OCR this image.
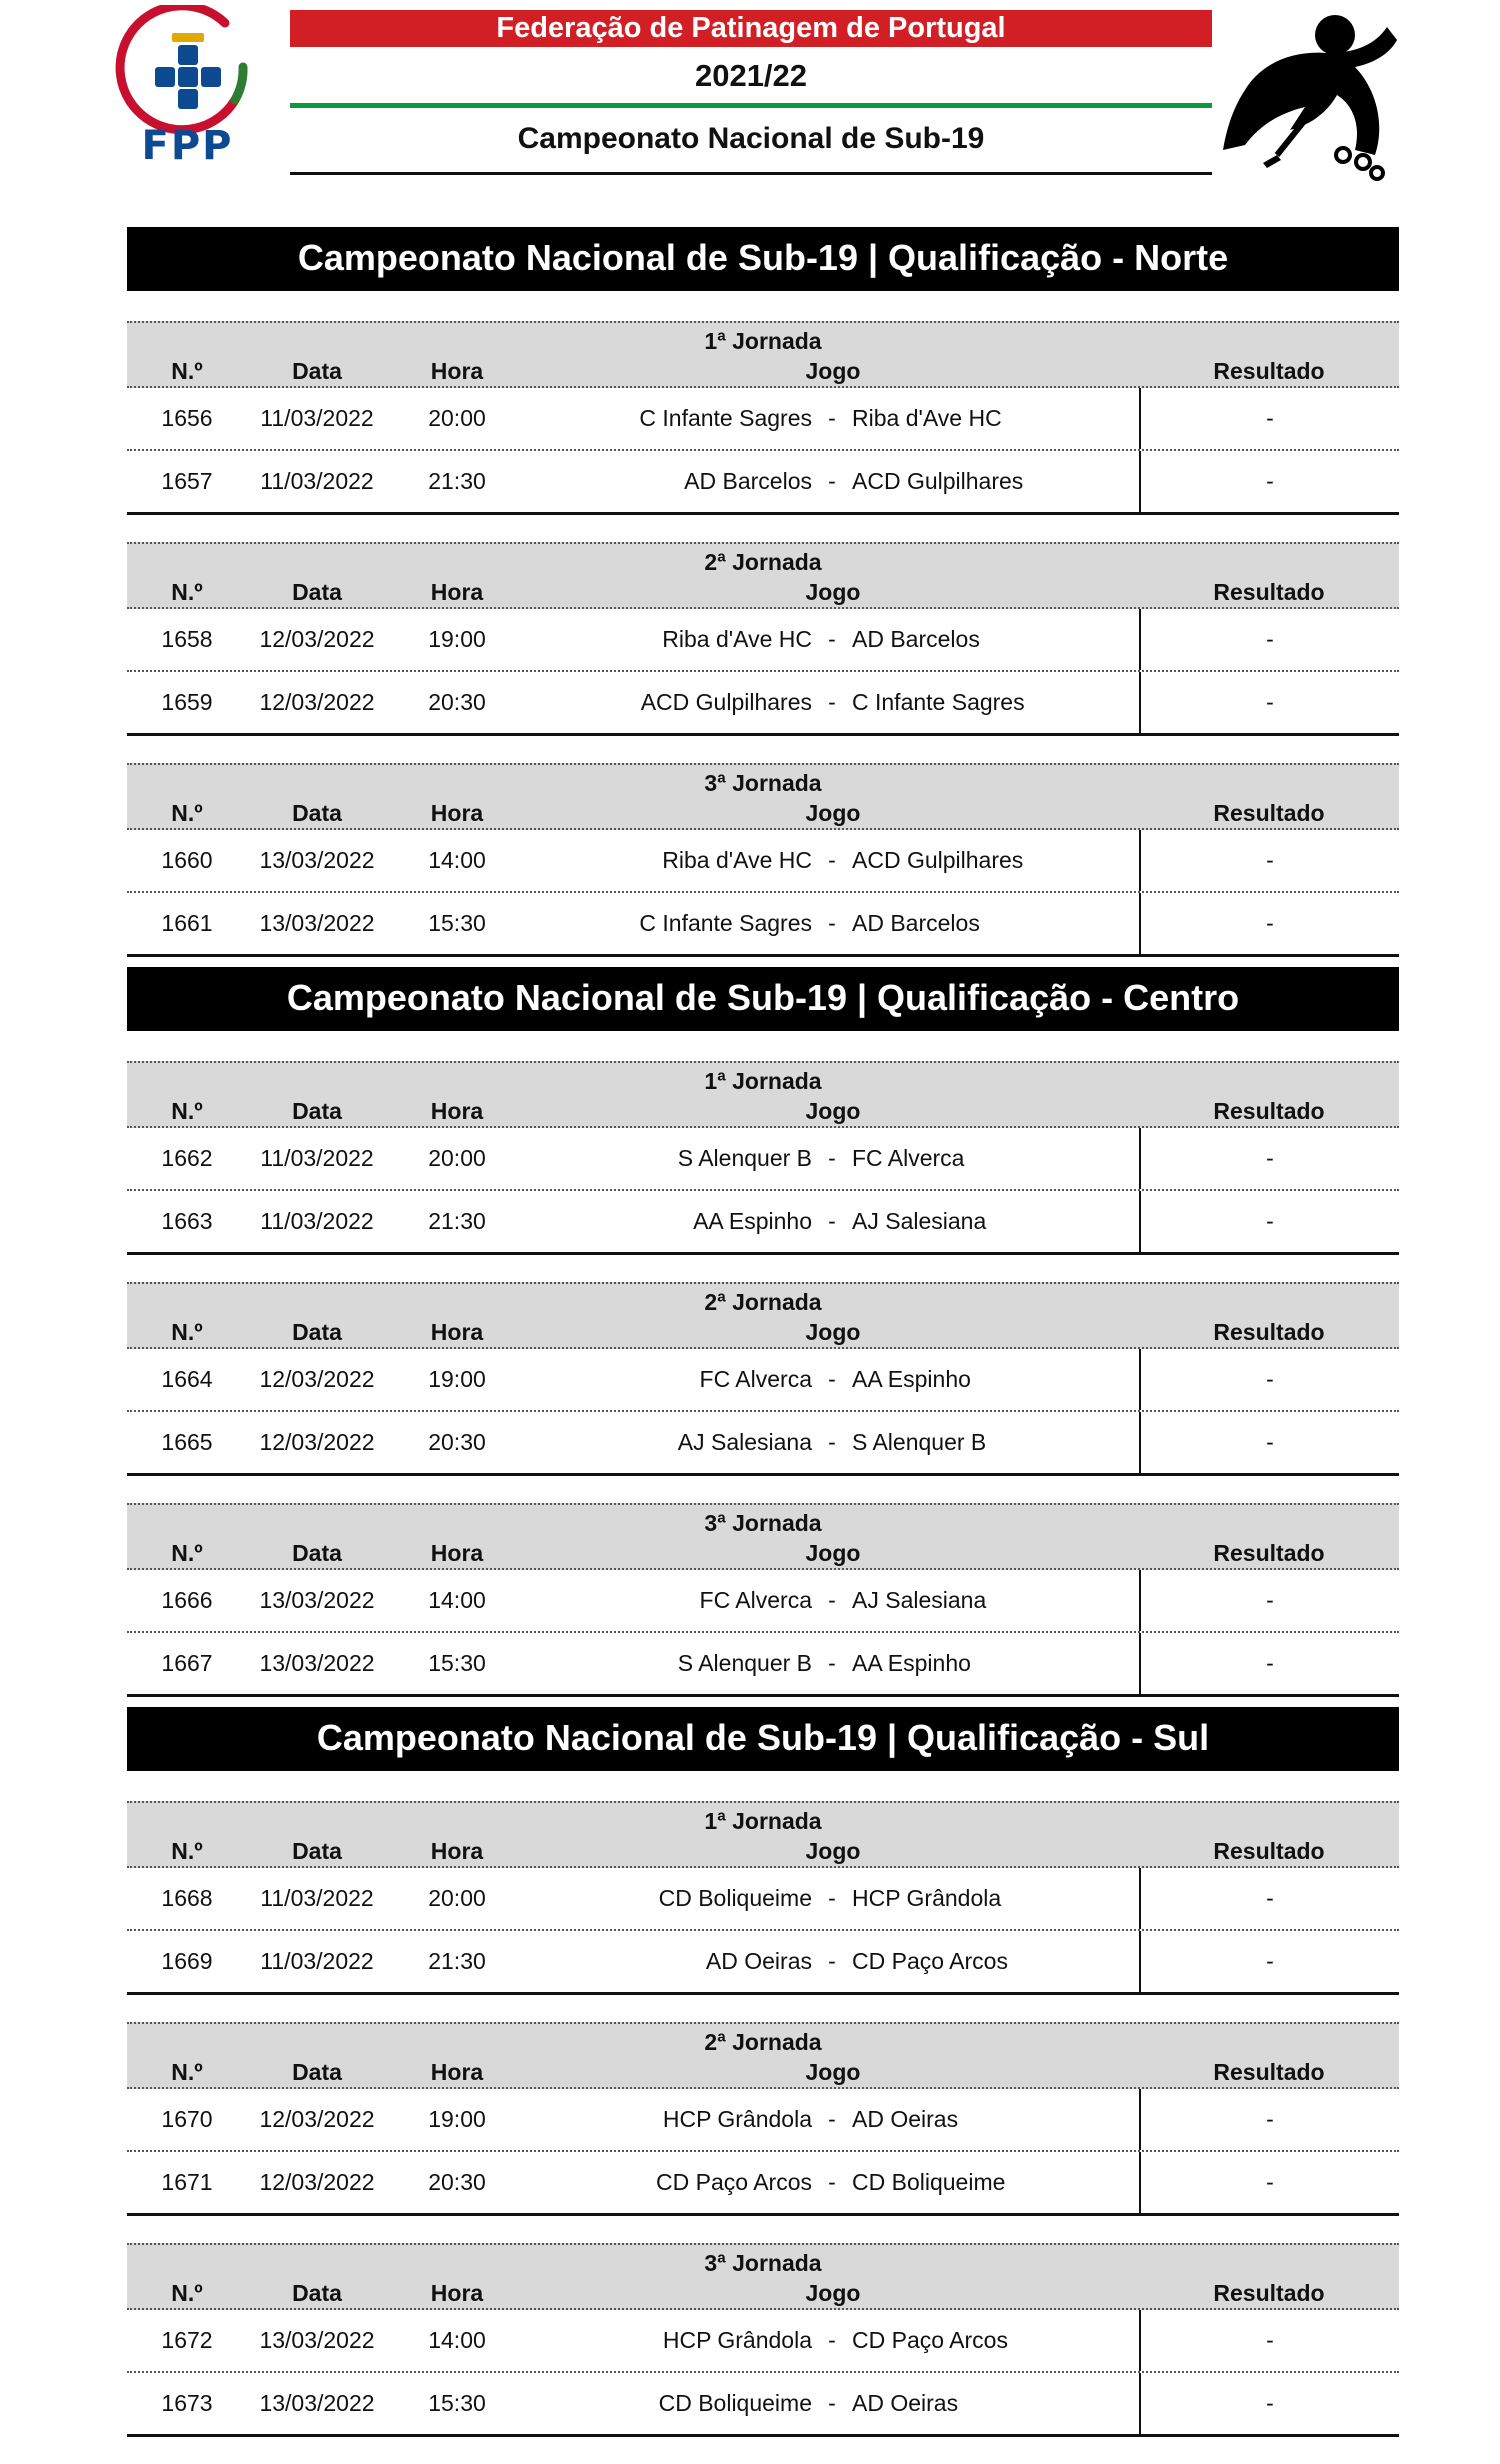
FPP
Federação de Patinagem de Portugal
2021/22
Campeonato Nacional de Sub-19
Campeonato Nacional de Sub-19 | Qualificação - Norte
1ª Jornada
N.º	Data	Hora	Jogo	Resultado
1656	11/03/2022	20:00	C Infante Sagres - Riba d'Ave HC	-
1657	11/03/2022	21:30	AD Barcelos - ACD Gulpilhares	-
2ª Jornada
N.º	Data	Hora	Jogo	Resultado
1658	12/03/2022	19:00	Riba d'Ave HC - AD Barcelos	-
1659	12/03/2022	20:30	ACD Gulpilhares - C Infante Sagres	-
3ª Jornada
N.º	Data	Hora	Jogo	Resultado
1660	13/03/2022	14:00	Riba d'Ave HC - ACD Gulpilhares	-
1661	13/03/2022	15:30	C Infante Sagres - AD Barcelos	-
Campeonato Nacional de Sub-19 | Qualificação - Centro
1ª Jornada
N.º	Data	Hora	Jogo	Resultado
1662	11/03/2022	20:00	S Alenquer B - FC Alverca	-
1663	11/03/2022	21:30	AA Espinho - AJ Salesiana	-
2ª Jornada
N.º	Data	Hora	Jogo	Resultado
1664	12/03/2022	19:00	FC Alverca - AA Espinho	-
1665	12/03/2022	20:30	AJ Salesiana - S Alenquer B	-
3ª Jornada
N.º	Data	Hora	Jogo	Resultado
1666	13/03/2022	14:00	FC Alverca - AJ Salesiana	-
1667	13/03/2022	15:30	S Alenquer B - AA Espinho	-
Campeonato Nacional de Sub-19 | Qualificação - Sul
1ª Jornada
N.º	Data	Hora	Jogo	Resultado
1668	11/03/2022	20:00	CD Boliqueime - HCP Grândola	-
1669	11/03/2022	21:30	AD Oeiras - CD Paço Arcos	-
2ª Jornada
N.º	Data	Hora	Jogo	Resultado
1670	12/03/2022	19:00	HCP Grândola - AD Oeiras	-
1671	12/03/2022	20:30	CD Paço Arcos - CD Boliqueime	-
3ª Jornada
N.º	Data	Hora	Jogo	Resultado
1672	13/03/2022	14:00	HCP Grândola - CD Paço Arcos	-
1673	13/03/2022	15:30	CD Boliqueime - AD Oeiras	-
